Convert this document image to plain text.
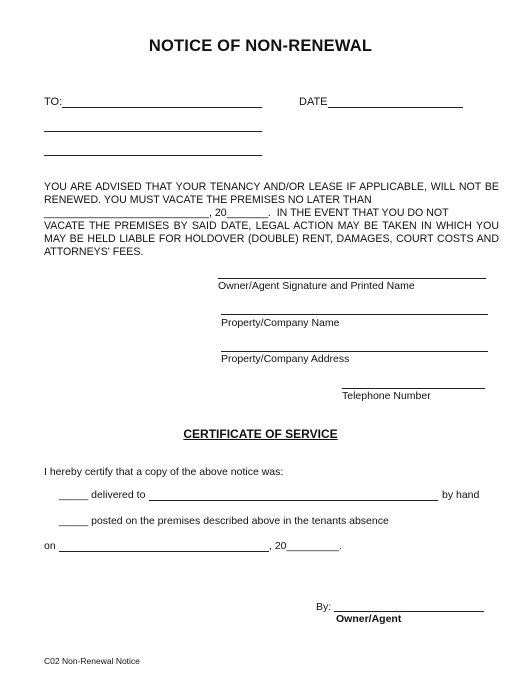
NOTICE OF NON-RENEWAL
TO:	DATE
YOU ARE ADVISED THAT YOUR TENANCY AND/OR LEASE IF APPLICABLE, WILL NOT BE
RENEWED. YOU MUST VACATE THE PREMISES NO LATER THAN
____________________________, 20_______. IN THE EVENT THAT YOU DO NOT
VACATE THE PREMISES BY SAID DATE, LEGAL ACTION MAY BE TAKEN IN WHICH YOU
MAY BE HELD LIABLE FOR HOLDOVER (DOUBLE) RENT, DAMAGES, COURT COSTS AND
ATTORNEYS' FEES.
Owner/Agent Signature and Printed Name
Property/Company Name
Property/Company Address
Telephone Number
CERTIFICATE OF SERVICE
I hereby certify that a copy of the above notice was:
_____ delivered to	by hand
_____ posted on the premises described above in the tenants absence
on	, 20_________.
By:
Owner/Agent
C02 Non-Renewal Notice
